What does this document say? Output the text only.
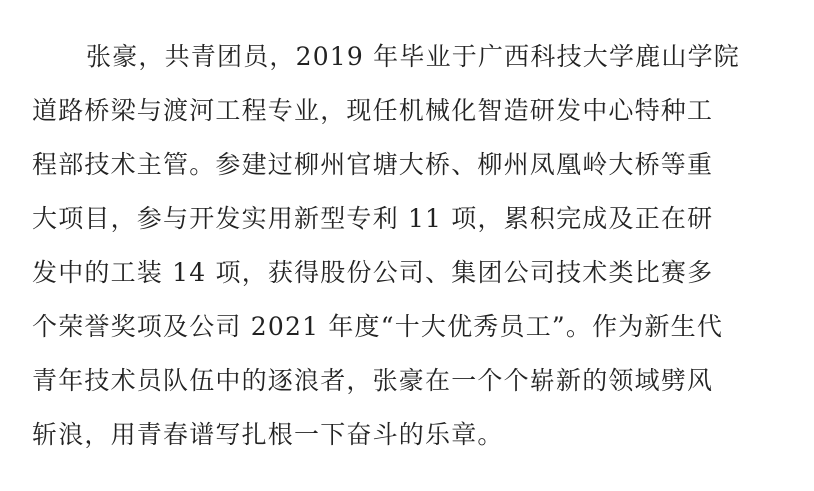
张豪，共青团员，2019 年毕业于广西科技大学鹿山学院
道路桥梁与渡河工程专业，现任机械化智造研发中心特种工
程部技术主管。参建过柳州官塘大桥、柳州凤凰岭大桥等重
大项目，参与开发实用新型专利 11 项，累积完成及正在研
发中的工装 14 项，获得股份公司、集团公司技术类比赛多
个荣誉奖项及公司 2021 年度“十大优秀员工”。作为新生代
青年技术员队伍中的逐浪者，张豪在一个个崭新的领域劈风
斩浪，用青春谱写扎根一下奋斗的乐章。
